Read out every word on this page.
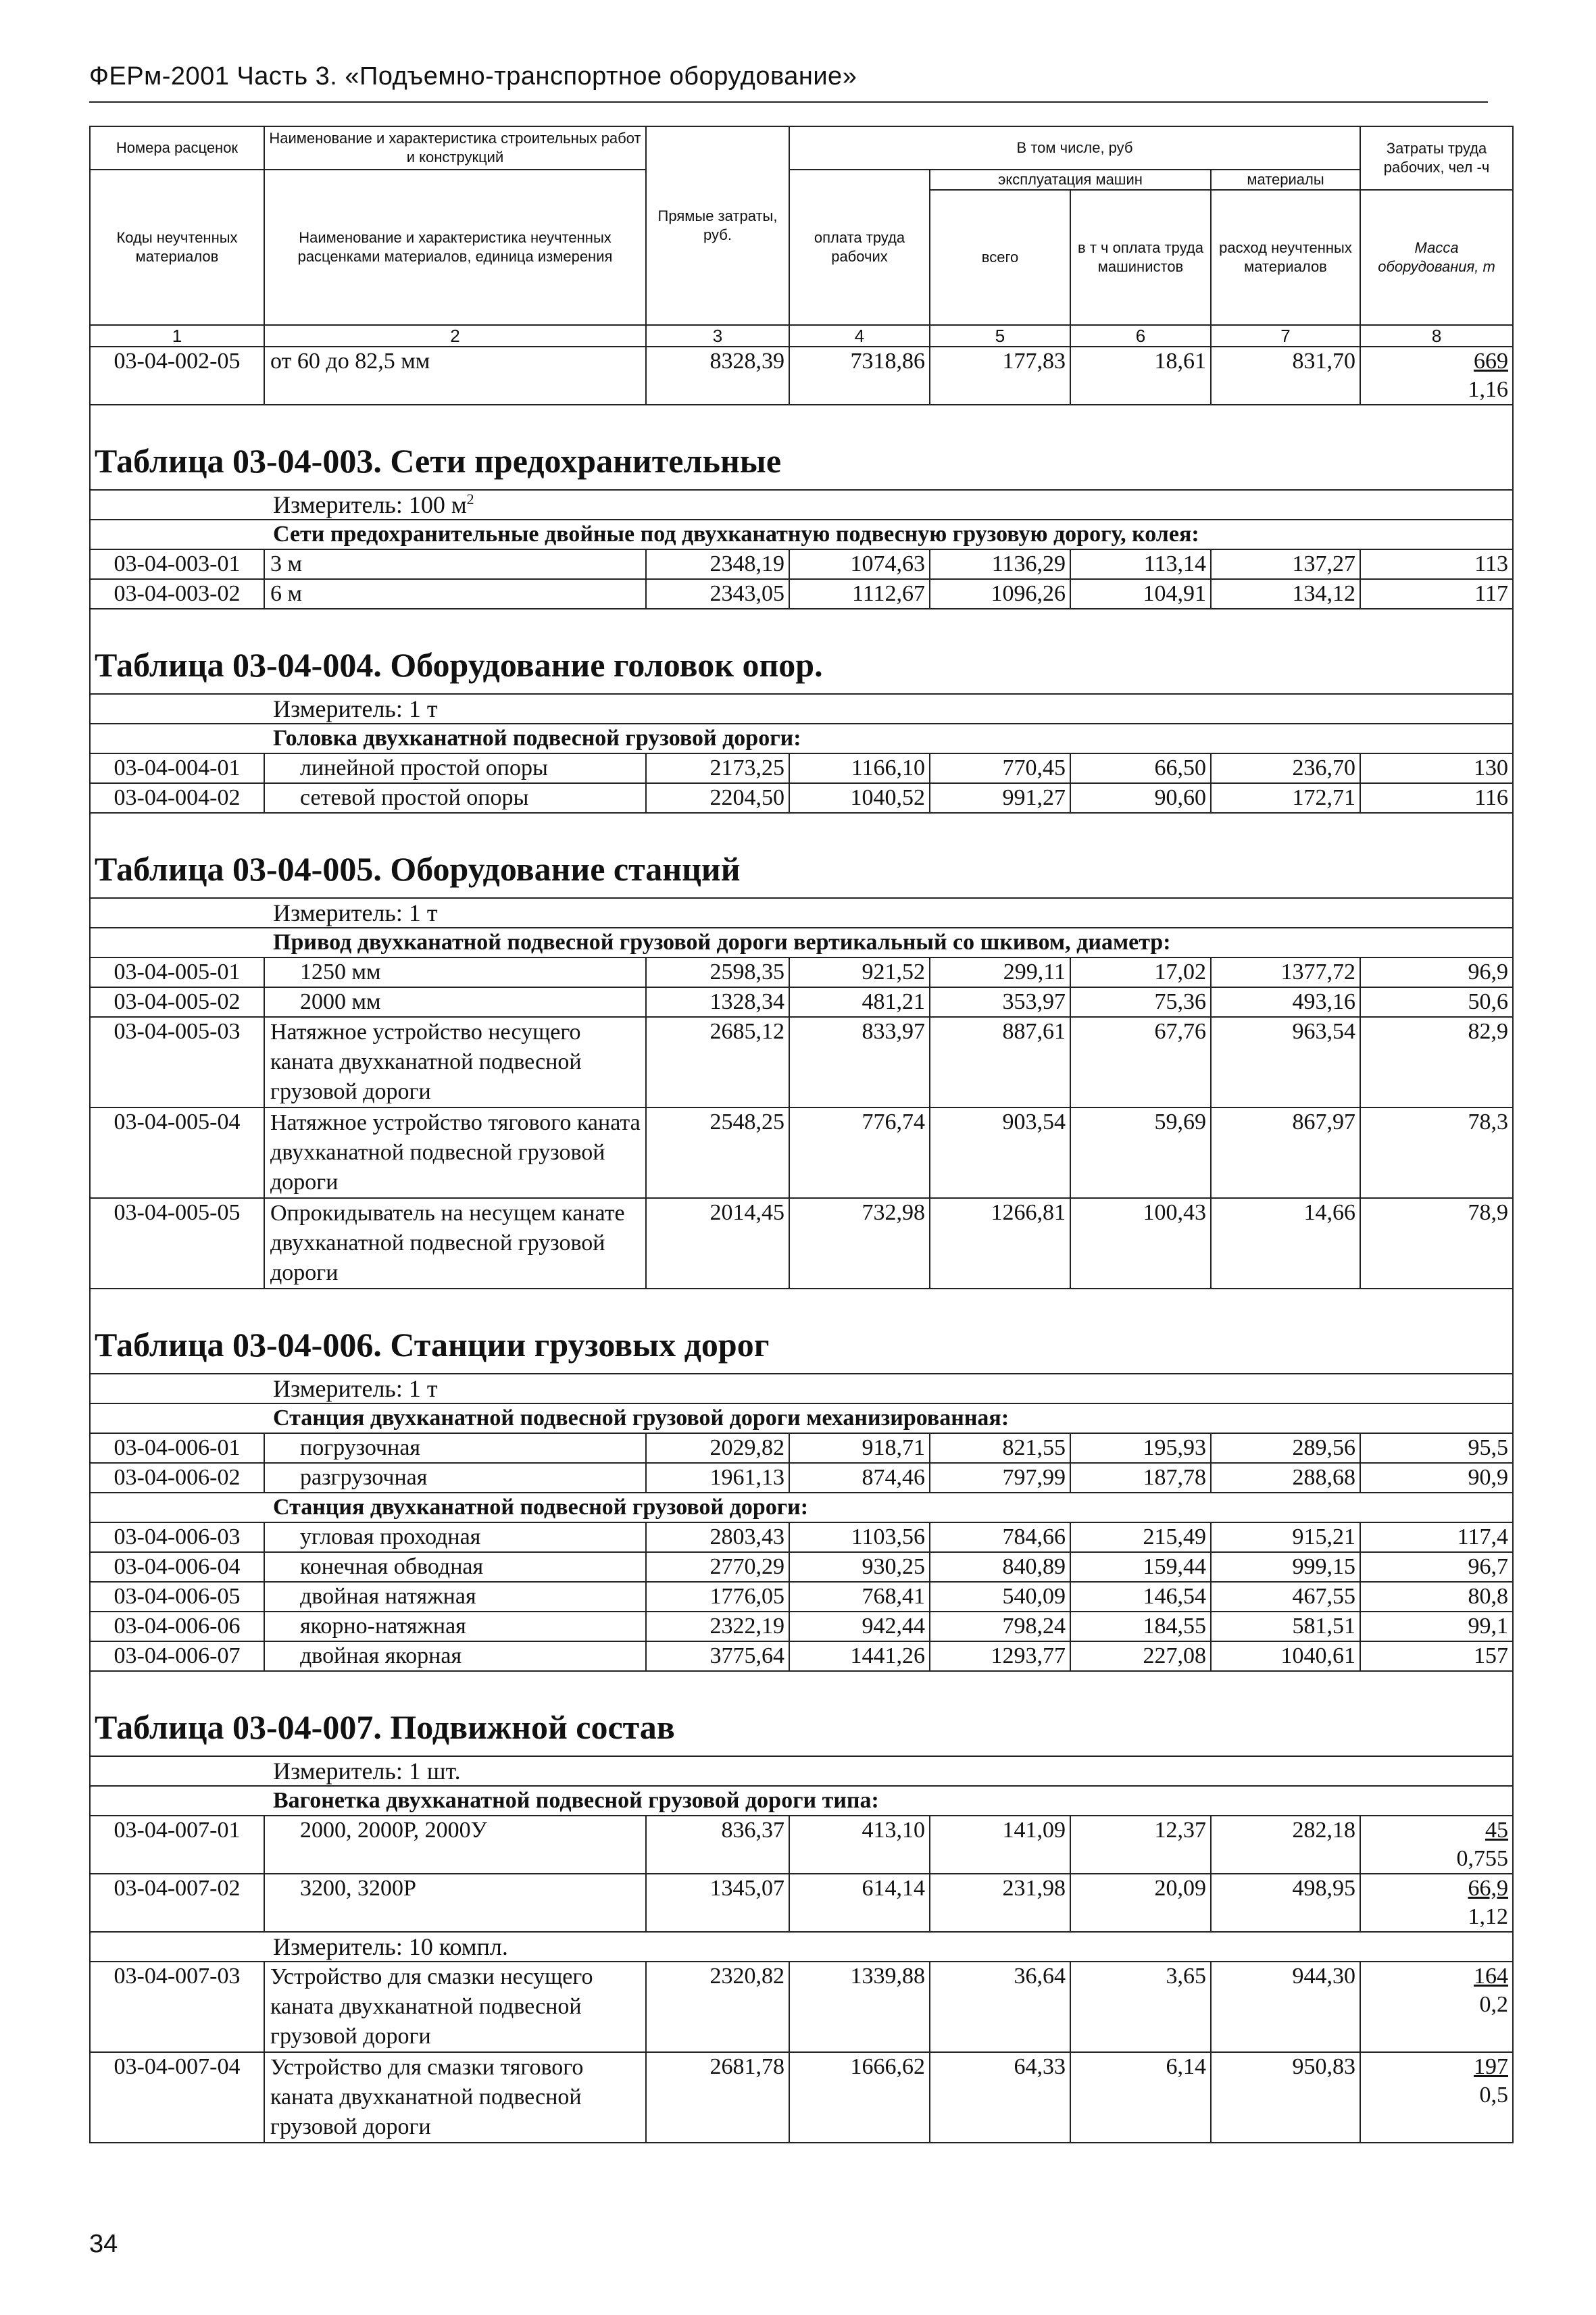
ФЕРм-2001 Часть 3. «Подъемно-транспортное оборудование»
Номера расценок	Наименование и характеристика строительных работ и конструкций	Прямые затраты, руб.	В том числе, руб				Затраты труда рабочих, чел -ч
Коды неучтенных материалов	Наименование и характеристика неучтенных расценками материалов, единица измерения		оплата труда рабочих	эксплуатация машин		материалы	
				всего	в т ч оплата труда машинистов	расход неучтенных материалов	Масса оборудования, т
1	2	3	4	5	6	7	8
03-04-002-05	от 60 до 82,5 мм	8328,39	7318,86	177,83	18,61	831,70	669
1,16
Таблица 03-04-003. Сети предохранительные							
Измеритель: 100 $м^2$
Сети предохранительные двойные под двухканатную подвесную грузовую дорогу, колея:							
03-04-003-01	3 м	2348,19	1074,63	1136,29	113,14	137,27	113
03-04-003-02	6 м	2343,05	1112,67	1096,26	104,91	134,12	117
Таблица 03-04-004. Оборудование головок опор.							
Измеритель: 1 т							
Головка двухканатной подвесной грузовой дороги:							
03-04-004-01	линейной простой опоры	2173,25	1166,10	770,45	66,50	236,70	130
03-04-004-02	сетевой простой опоры	2204,50	1040,52	991,27	90,60	172,71	116
Таблица 03-04-005. Оборудование станций							
Измеритель: 1 т							
Привод двухканатной подвесной грузовой дороги вертикальный со шкивом, диаметр:							
03-04-005-01	1250 мм	2598,35	921,52	299,11	17,02	1377,72	96,9
03-04-005-02	2000 мм	1328,34	481,21	353,97	75,36	493,16	50,6
03-04-005-03	Натяжное устройство несущего каната двухканатной подвесной грузовой дороги	2685,12	833,97	887,61	67,76	963,54	82,9
03-04-005-04	Натяжное устройство тягового каната двухканатной подвесной грузовой дороги	2548,25	776,74	903,54	59,69	867,97	78,3
03-04-005-05	Опрокидыватель на несущем канате двухканатной подвесной грузовой дороги	2014,45	732,98	1266,81	100,43	14,66	78,9
Таблица 03-04-006. Станции грузовых дорог							
Измеритель: 1 т							
Станция двухканатной подвесной грузовой дороги механизированная:							
03-04-006-01	погрузочная	2029,82	918,71	821,55	195,93	289,56	95,5
03-04-006-02	разгрузочная	1961,13	874,46	797,99	187,78	288,68	90,9
Станция двухканатной подвесной грузовой дороги:							
03-04-006-03	угловая проходная	2803,43	1103,56	784,66	215,49	915,21	117,4
03-04-006-04	конечная обводная	2770,29	930,25	840,89	159,44	999,15	96,7
03-04-006-05	двойная натяжная	1776,05	768,41	540,09	146,54	467,55	80,8
03-04-006-06	якорно-натяжная	2322,19	942,44	798,24	184,55	581,51	99,1
03-04-006-07	двойная якорная	3775,64	1441,26	1293,77	227,08	1040,61	157
Таблица 03-04-007. Подвижной состав							
Измеритель: 1 шт.							
Вагонетка двухканатной подвесной грузовой дороги типа:							
03-04-007-01	2000, 2000Р, 2000У	836,37	413,10	141,09	12,37	282,18	45
0,755
03-04-007-02	3200, 3200Р	1345,07	614,14	231,98	20,09	498,95	66,9
1,12
Измеритель: 10 компл.							
03-04-007-03	Устройство для смазки несущего каната двухканатной подвесной грузовой дороги	2320,82	1339,88	36,64	3,65	944,30	164
0,2
03-04-007-04	Устройство для смазки тягового каната двухканатной подвесной грузовой дороги	2681,78	1666,62	64,33	6,14	950,83	197
0,5
34
